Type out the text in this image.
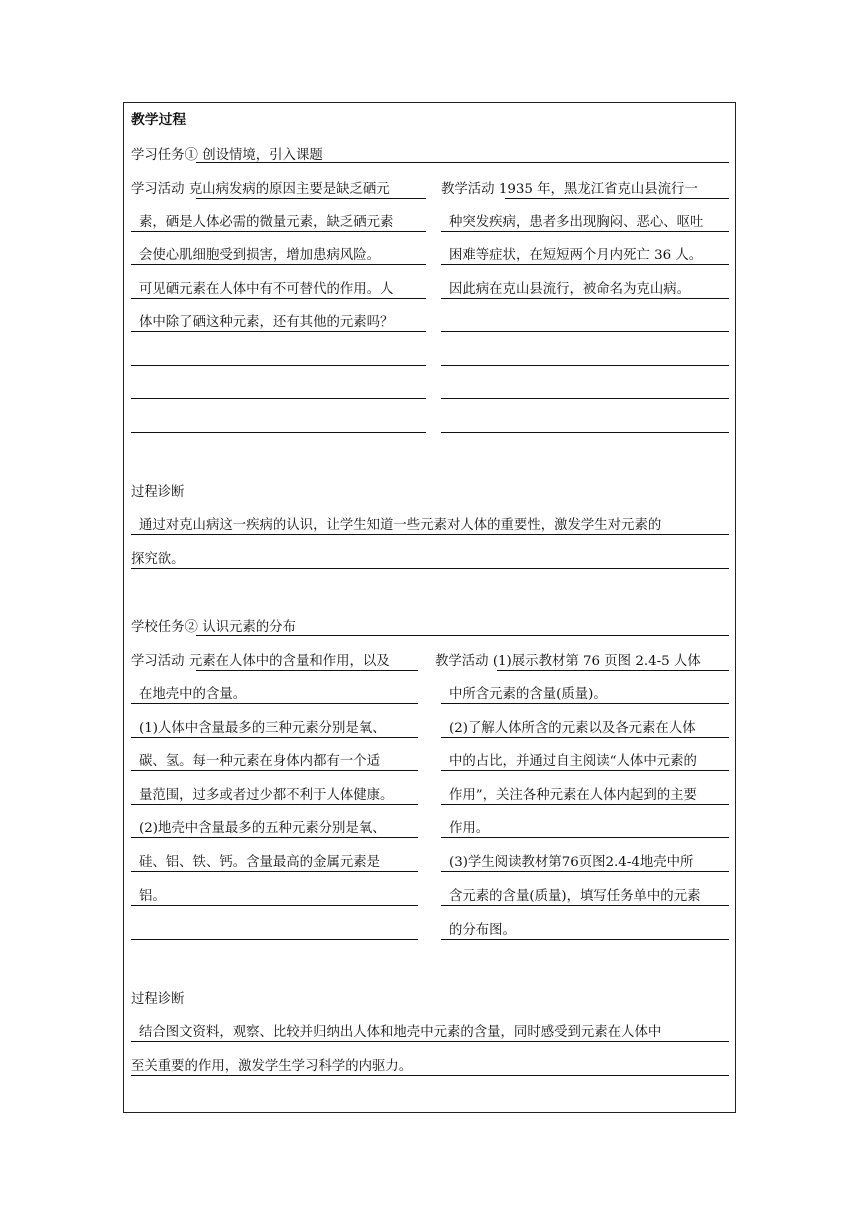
教学过程
学习任务① 创设情境，引入课题
学习活动 克山病发病的原因主要是缺乏硒元
素，硒是人体必需的微量元素，缺乏硒元素
会使心肌细胞受到损害，增加患病风险。
可见硒元素在人体中有不可替代的作用。人
体中除了硒这种元素，还有其他的元素吗？
教学活动 1935 年，黑龙江省克山县流行一
种突发疾病，患者多出现胸闷、恶心、呕吐
困难等症状，在短短两个月内死亡 36 人。
因此病在克山县流行，被命名为克山病。
过程诊断
通过对克山病这一疾病的认识，让学生知道一些元素对人体的重要性，激发学生对元素的
探究欲。
学校任务② 认识元素的分布
学习活动 元素在人体中的含量和作用，以及
在地壳中的含量。
(1)人体中含量最多的三种元素分别是氧、
碳、氢。每一种元素在身体内都有一个适
量范围，过多或者过少都不利于人体健康。
(2)地壳中含量最多的五种元素分别是氧、
硅、铝、铁、钙。含量最高的金属元素是
铝。
教学活动 (1)展示教材第 76 页图 2.4-5 人体
中所含元素的含量(质量)。
(2)了解人体所含的元素以及各元素在人体
中的占比，并通过自主阅读“人体中元素的
作用”，关注各种元素在人体内起到的主要
作用。
(3)学生阅读教材第76页图2.4-4地壳中所
含元素的含量(质量)，填写任务单中的元素
的分布图。
过程诊断
结合图文资料，观察、比较并归纳出人体和地壳中元素的含量，同时感受到元素在人体中
至关重要的作用，激发学生学习科学的内驱力。
